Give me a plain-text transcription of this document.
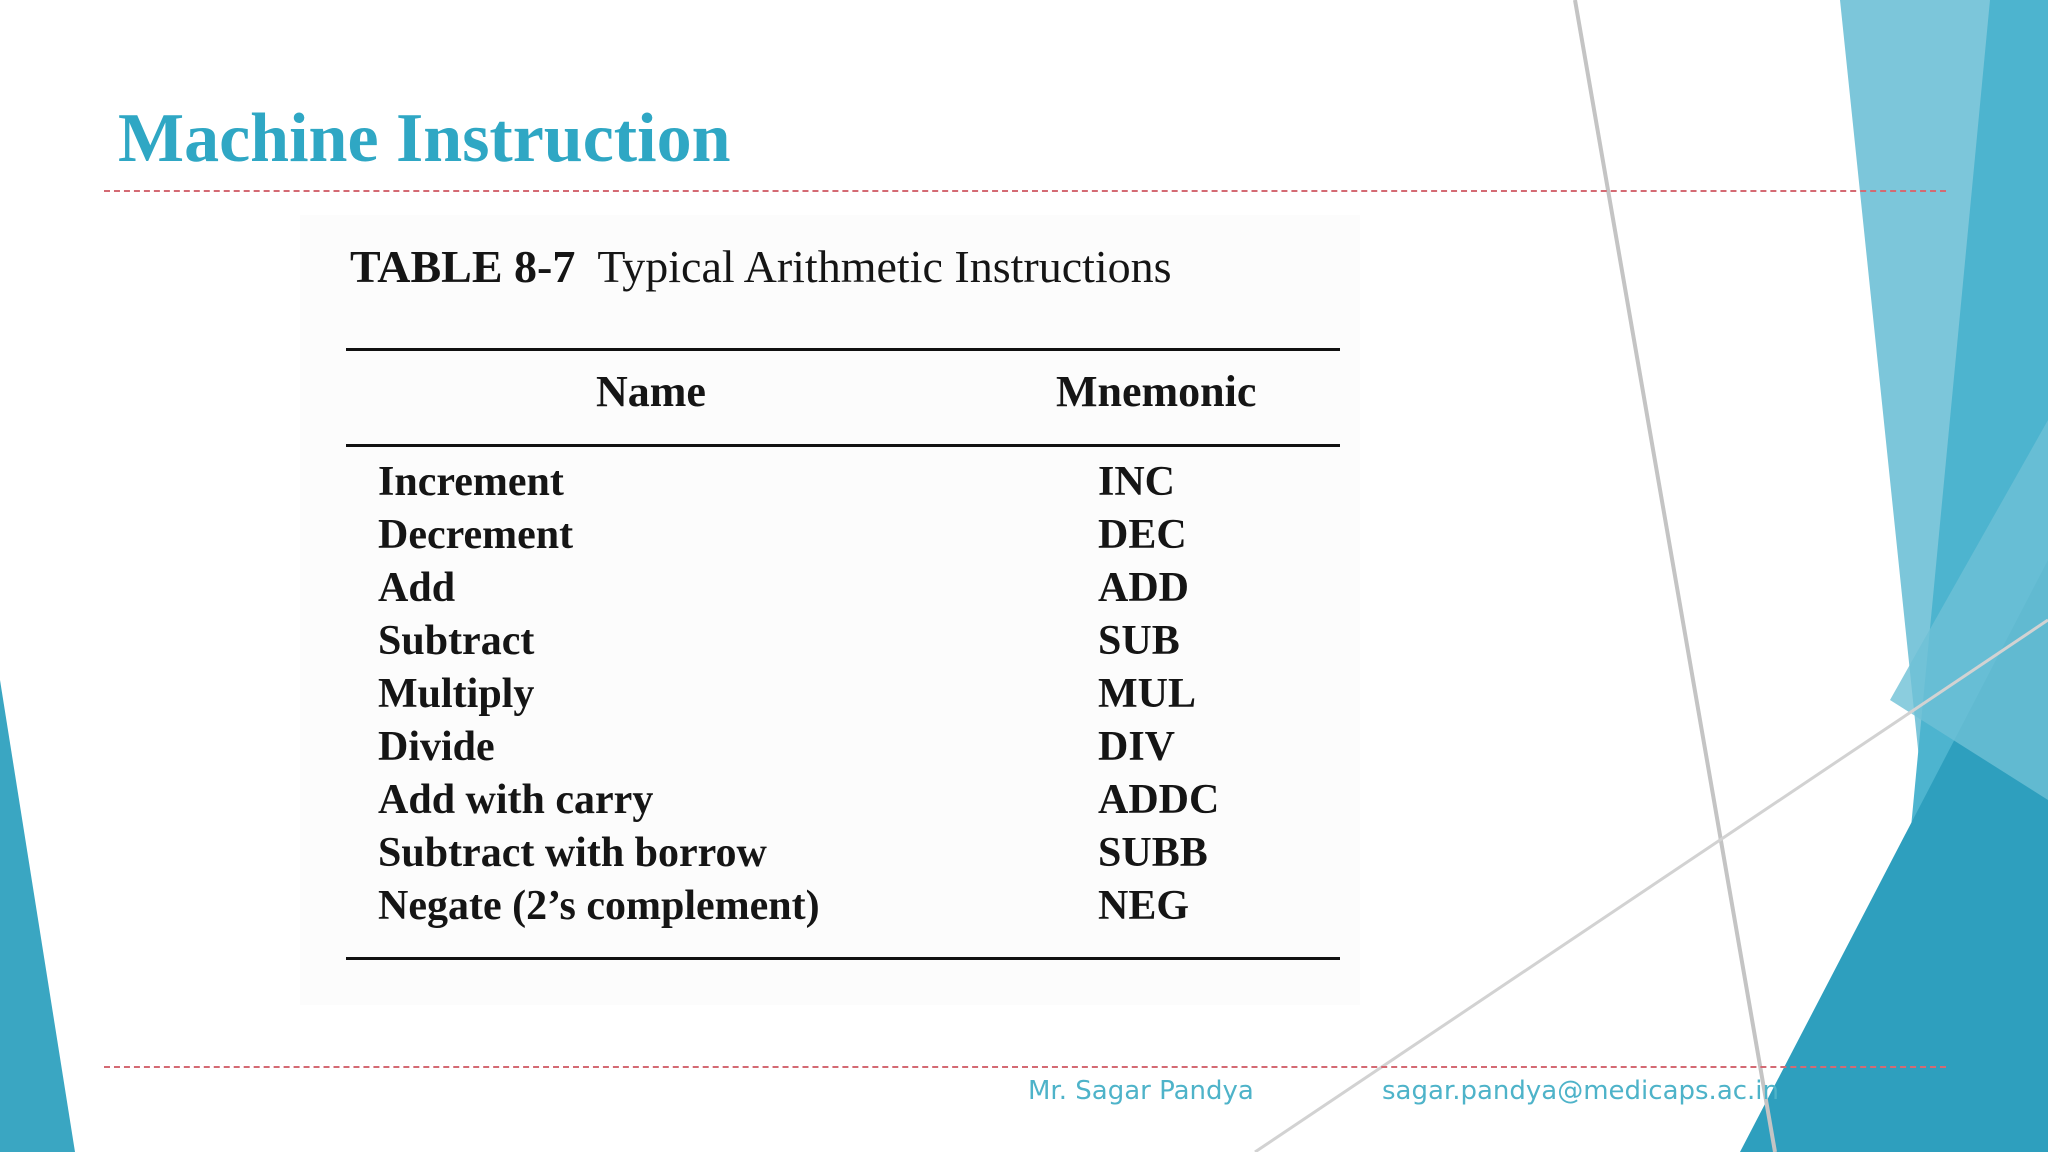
Machine Instruction
TABLE 8-7 Typical Arithmetic Instructions
Name	Mnemonic
Increment	INC
Decrement	DEC
Add	ADD
Subtract	SUB
Multiply	MUL
Divide	DIV
Add with carry	ADDC
Subtract with borrow	SUBB
Negate (2’s complement)	NEG
Mr. Sagar Pandya	sagar.pandya@medicaps.ac.in
